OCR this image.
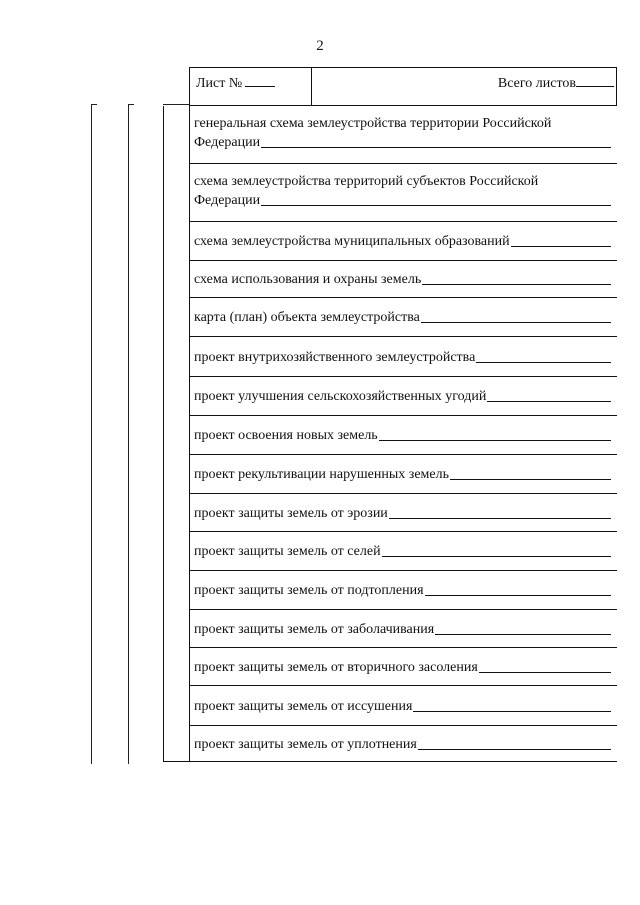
2
Лист №	Всего листов
генеральная схема землеустройства территории Российской
Федерации
схема землеустройства территорий субъектов Российской
Федерации
схема землеустройства муниципальных образований
схема использования и охраны земель
карта (план) объекта землеустройства
проект внутрихозяйственного землеустройства
проект улучшения сельскохозяйственных угодий
проект освоения новых земель
проект рекультивации нарушенных земель
проект защиты земель от эрозии
проект защиты земель от селей
проект защиты земель от подтопления
проект защиты земель от заболачивания
проект защиты земель от вторичного засоления
проект защиты земель от иссушения
проект защиты земель от уплотнения
